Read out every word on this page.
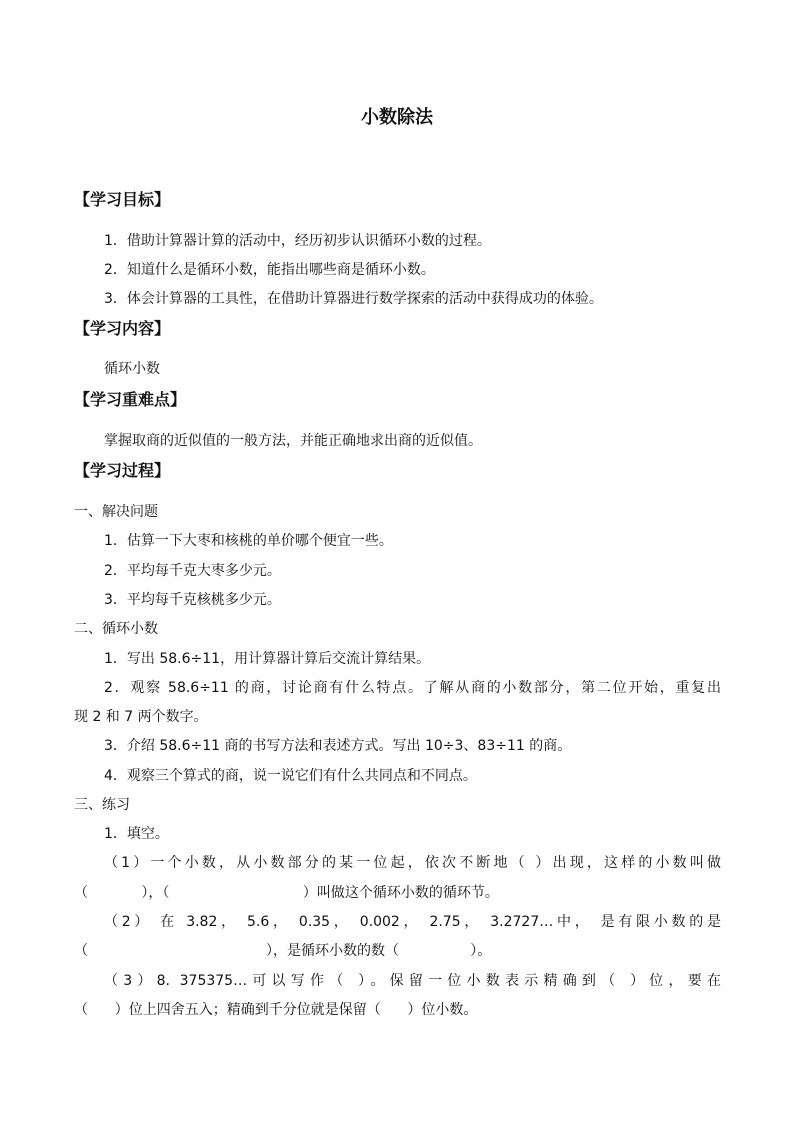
小数除法
【学习目标】
1．借助计算器计算的活动中，经历初步认识循环小数的过程。
2．知道什么是循环小数，能指出哪些商是循环小数。
3．体会计算器的工具性，在借助计算器进行数学探索的活动中获得成功的体验。
【学习内容】
循环小数
【学习重难点】
掌握取商的近似值的一般方法，并能正确地求出商的近似值。
【学习过程】
一、解决问题
1．估算一下大枣和核桃的单价哪个便宜一些。
2．平均每千克大枣多少元。
3．平均每千克核桃多少元。
二、循环小数
1．写出 58.6÷11，用计算器计算后交流计算结果。
2．观察 58.6÷11 的商，讨论商有什么特点。了解从商的小数部分，第二位开始，重复出
现 2 和 7 两个数字。
3．介绍 58.6÷11 商的书写方法和表述方式。写出 10÷3、83÷11 的商。
4．观察三个算式的商，说一说它们有什么共同点和不同点。
三、练习
1．填空。
（1）一个小数，从小数部分的某一位起，依次不断地（ ）出现，这样的小数叫做
（            ），（                              ）叫做这个循环小数的循环节。
（2） 在 3.82， 5.6， 0.35， 0.002， 2.75， 3.2727…中， 是有限小数的是
（                                        ），是循环小数的数（                ）。
（3）8. 375375…可以写作（ ）。保留一位小数表示精确到（ ）位，要在
（      ）位上四舍五入；精确到千分位就是保留（      ）位小数。
